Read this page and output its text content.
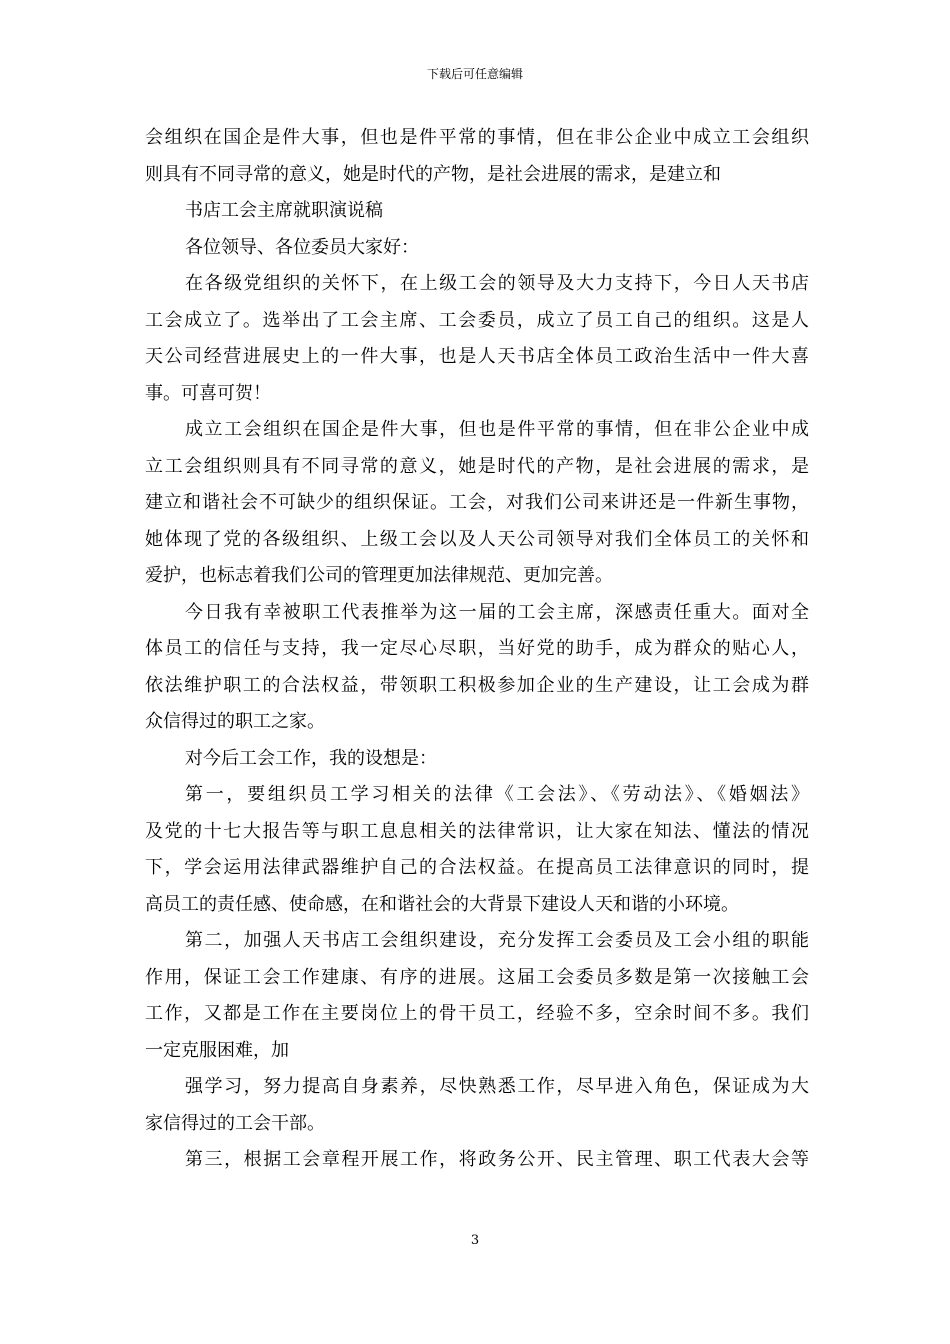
下载后可任意编辑
会组织在国企是件大事，但也是件平常的事情，但在非公企业中成立工会组织
则具有不同寻常的意义，她是时代的产物，是社会进展的需求，是建立和
书店工会主席就职演说稿
各位领导、各位委员大家好：
在各级党组织的关怀下，在上级工会的领导及大力支持下，今日人天书店
工会成立了。选举出了工会主席、工会委员，成立了员工自己的组织。这是人
天公司经营进展史上的一件大事，也是人天书店全体员工政治生活中一件大喜
事。可喜可贺！
成立工会组织在国企是件大事，但也是件平常的事情，但在非公企业中成
立工会组织则具有不同寻常的意义，她是时代的产物，是社会进展的需求，是
建立和谐社会不可缺少的组织保证。工会，对我们公司来讲还是一件新生事物，
她体现了党的各级组织、上级工会以及人天公司领导对我们全体员工的关怀和
爱护，也标志着我们公司的管理更加法律规范、更加完善。
今日我有幸被职工代表推举为这一届的工会主席，深感责任重大。面对全
体员工的信任与支持，我一定尽心尽职，当好党的助手，成为群众的贴心人，
依法维护职工的合法权益，带领职工积极参加企业的生产建设，让工会成为群
众信得过的职工之家。
对今后工会工作，我的设想是：
第一，要组织员工学习相关的法律《工会法》、《劳动法》、《婚姻法》
及党的十七大报告等与职工息息相关的法律常识，让大家在知法、懂法的情况
下，学会运用法律武器维护自己的合法权益。在提高员工法律意识的同时，提
高员工的责任感、使命感，在和谐社会的大背景下建设人天和谐的小环境。
第二，加强人天书店工会组织建设，充分发挥工会委员及工会小组的职能
作用，保证工会工作建康、有序的进展。这届工会委员多数是第一次接触工会
工作，又都是工作在主要岗位上的骨干员工，经验不多，空余时间不多。我们
一定克服困难，加
强学习，努力提高自身素养，尽快熟悉工作，尽早进入角色，保证成为大
家信得过的工会干部。
第三，根据工会章程开展工作，将政务公开、民主管理、职工代表大会等
3
